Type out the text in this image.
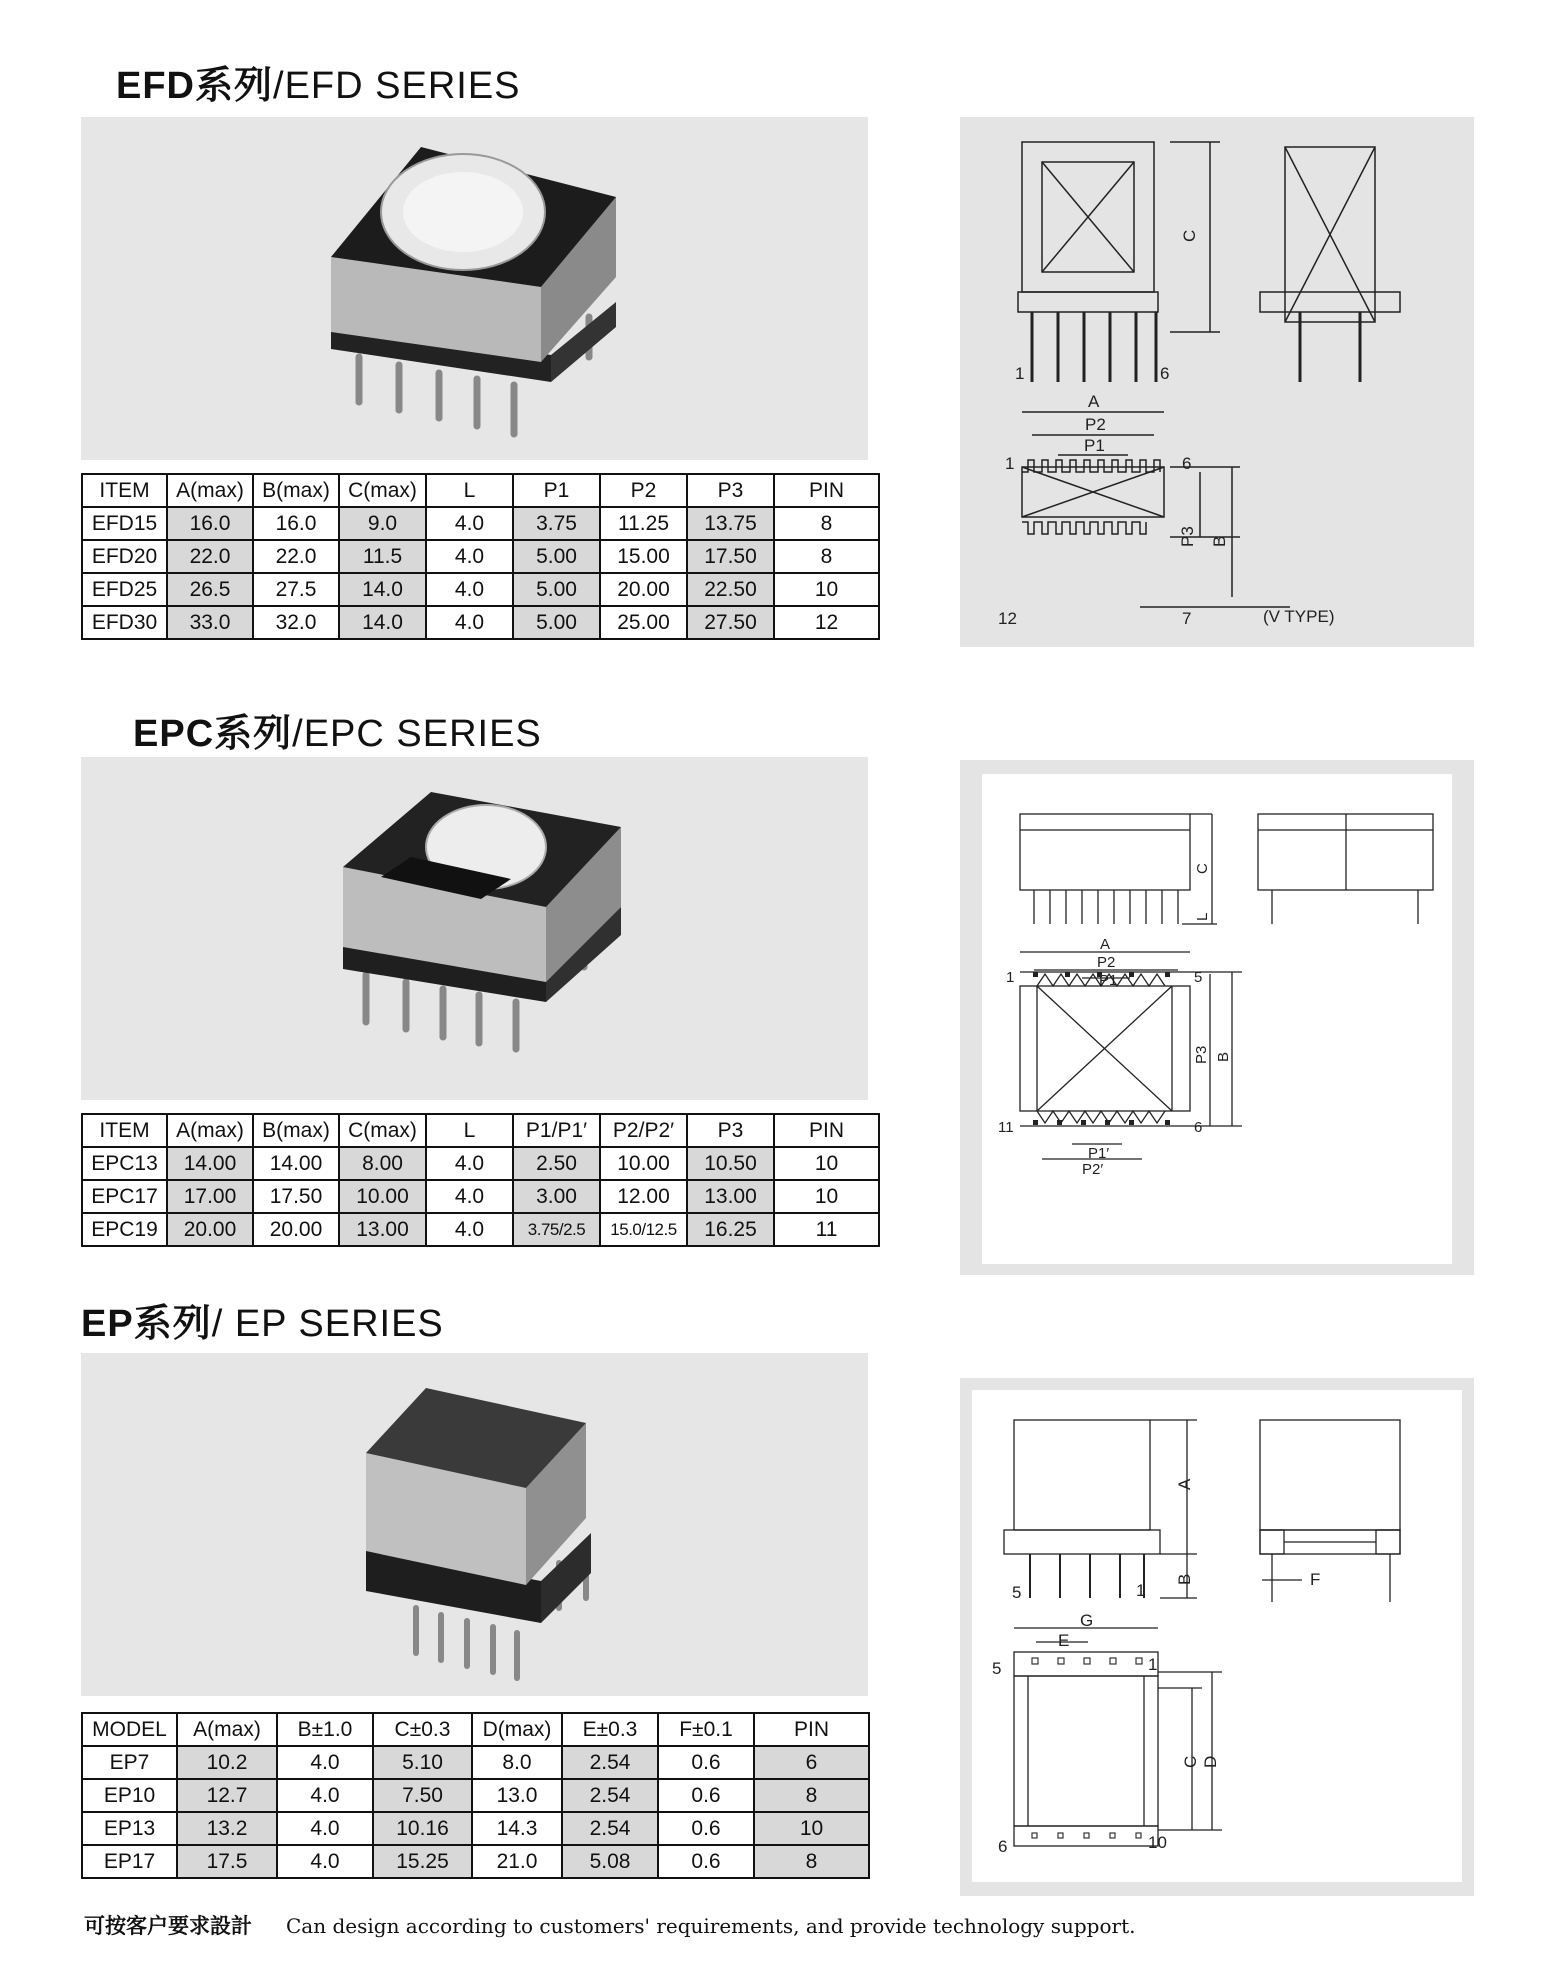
EFD系列/EFD SERIES
ITEM	A(max)	B(max)	C(max)	L	P1	P2	P3	PIN
EFD15	16.0	16.0	9.0	4.0	3.75	11.25	13.75	8
EFD20	22.0	22.0	11.5	4.0	5.00	15.00	17.50	8
EFD25	26.5	27.5	14.0	4.0	5.00	20.00	22.50	10
EFD30	33.0	32.0	14.0	4.0	5.00	25.00	27.50	12
C
1	6
A
P2
P1
1	6
P3 B
12	7	(V TYPE)
EPC系列/EPC SERIES
ITEM	A(max)	B(max)	C(max)	L	P1/P1′	P2/P2′	P3	PIN
EPC13	14.00	14.00	8.00	4.0	2.50	10.00	10.50	10
EPC17	17.00	17.50	10.00	4.0	3.00	12.00	13.00	10
EPC19	20.00	20.00	13.00	4.0	3.75/2.5	15.0/12.5	16.25	11
C
L
A
P2
P1
1	5
P3 B
11	6
P1′
P2′
EP系列/ EP SERIES
MODEL	A(max)	B±1.0	C±0.3	D(max)	E±0.3	F±0.1	PIN
EP7	10.2	4.0	5.10	8.0	2.54	0.6	6
EP10	12.7	4.0	7.50	13.0	2.54	0.6	8
EP13	13.2	4.0	10.16	14.3	2.54	0.6	10
EP17	17.5	4.0	15.25	21.0	5.08	0.6	8
A
B	F
5	1
G
E
5	1
C D
6	10
可按客户要求設計 Can design according to customers' requirements, and provide technology support.
